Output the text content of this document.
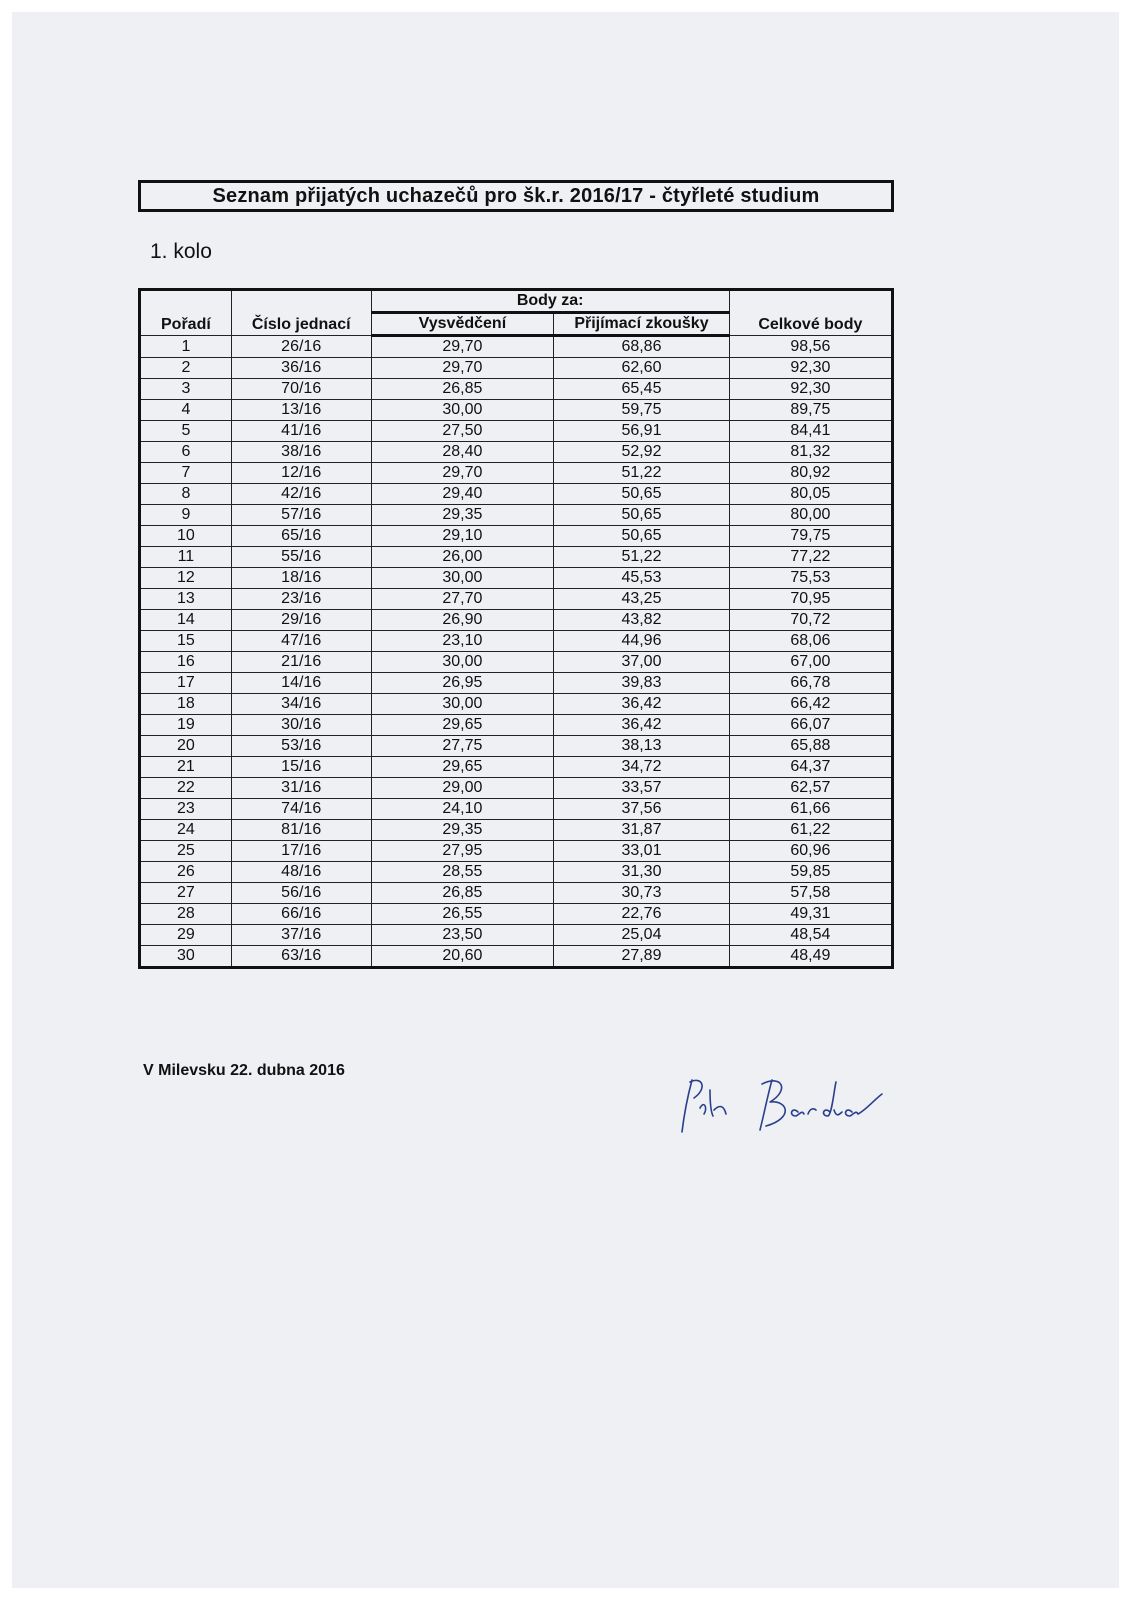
Seznam přijatých uchazečů pro šk.r. 2016/17 - čtyřleté studium
1. kolo
Pořadí	Číslo jednací	Body za:		Celkové body
		Vysvědčení	Přijímací zkoušky	
1	26/16	29,70	68,86	98,56
2	36/16	29,70	62,60	92,30
3	70/16	26,85	65,45	92,30
4	13/16	30,00	59,75	89,75
5	41/16	27,50	56,91	84,41
6	38/16	28,40	52,92	81,32
7	12/16	29,70	51,22	80,92
8	42/16	29,40	50,65	80,05
9	57/16	29,35	50,65	80,00
10	65/16	29,10	50,65	79,75
11	55/16	26,00	51,22	77,22
12	18/16	30,00	45,53	75,53
13	23/16	27,70	43,25	70,95
14	29/16	26,90	43,82	70,72
15	47/16	23,10	44,96	68,06
16	21/16	30,00	37,00	67,00
17	14/16	26,95	39,83	66,78
18	34/16	30,00	36,42	66,42
19	30/16	29,65	36,42	66,07
20	53/16	27,75	38,13	65,88
21	15/16	29,65	34,72	64,37
22	31/16	29,00	33,57	62,57
23	74/16	24,10	37,56	61,66
24	81/16	29,35	31,87	61,22
25	17/16	27,95	33,01	60,96
26	48/16	28,55	31,30	59,85
27	56/16	26,85	30,73	57,58
28	66/16	26,55	22,76	49,31
29	37/16	23,50	25,04	48,54
30	63/16	20,60	27,89	48,49
V Milevsku 22. dubna 2016
